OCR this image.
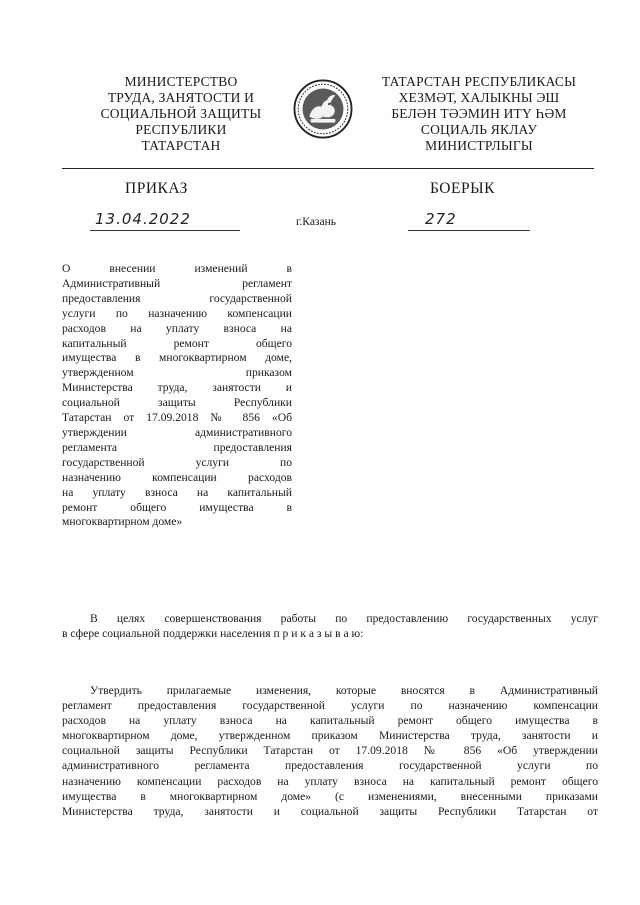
МИНИСТЕРСТВО
ТРУДА, ЗАНЯТОСТИ И
СОЦИАЛЬНОЙ ЗАЩИТЫ
РЕСПУБЛИКИ
ТАТАРСТАН
ТАТАРСТАН РЕСПУБЛИКАСЫ
ХЕЗМӘТ, ХАЛЫКНЫ ЭШ
БЕЛӘН ТӘЭМИН ИТҮ ҺӘМ
СОЦИАЛЬ ЯКЛАУ
МИНИСТРЛЫГЫ
ПРИКАЗ	БОЕРЫК
13.04.2022	г.Казань	272
О внесении изменений в
Административный регламент
предоставления государственной
услуги по назначению компенсации
расходов на уплату взноса на
капитальный ремонт общего
имущества в многоквартирном доме,
утвержденном приказом
Министерства труда, занятости и
социальной защиты Республики
Татарстан от 17.09.2018 № 856 «Об
утверждении административного
регламента предоставления
государственной услуги по
назначению компенсации расходов
на уплату взноса на капитальный
ремонт общего имущества в
многоквартирном доме»
В целях совершенствования работы по предоставлению государственных услуг
в сфере социальной поддержки населения п р и к а з ы в а ю:
Утвердить прилагаемые изменения, которые вносятся в Административный
регламент предоставления государственной услуги по назначению компенсации
расходов на уплату взноса на капитальный ремонт общего имущества в
многоквартирном доме, утвержденном приказом Министерства труда, занятости и
социальной защиты Республики Татарстан от 17.09.2018 № 856 «Об утверждении
административного регламента предоставления государственной услуги по
назначению компенсации расходов на уплату взноса на капитальный ремонт общего
имущества в многоквартирном доме» (с изменениями, внесенными приказами
Министерства труда, занятости и социальной защиты Республики Татарстан от
